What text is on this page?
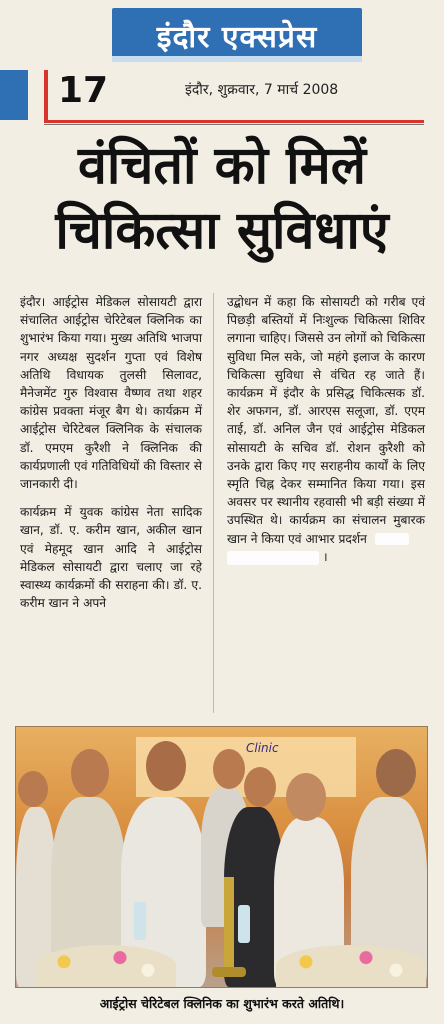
इंदौर एक्सप्रेस
17	इंदौर, शुक्रवार, 7 मार्च 2008
वंचितों को मिलें
चिकित्सा सुविधाएं

इंदौर। आईट्रोस मेडिकल सोसायटी द्वारा संचालित आईट्रोस चेरिटेबल क्लिनिक का शुभारंभ किया गया। मुख्य अतिथि भाजपा नगर अध्यक्ष सुदर्शन गुप्ता एवं विशेष अतिथि विधायक तुलसी सिलावट, मैनेजमेंट गुरु विश्वास वैष्णव तथा शहर कांग्रेस प्रवक्ता मंजूर बैग थे। कार्यक्रम में आईट्रोस चेरिटेबल क्लिनिक के संचालक डॉ. एमएम कुरैशी ने क्लिनिक की कार्यप्रणाली एवं गतिविधियों की विस्तार से जानकारी दी।

कार्यक्रम में युवक कांग्रेस नेता सादिक खान, डॉ. ए. करीम खान, अकील खान एवं मेहमूद खान आदि ने आईट्रोस मेडिकल सोसायटी द्वारा चलाए जा रहे स्वास्थ्य कार्यक्रमों की सराहना की। डॉ. ए. करीम खान ने अपने

उद्बोधन में कहा कि सोसायटी को गरीब एवं पिछड़ी बस्तियों में निःशुल्क चिकित्सा शिविर लगाना चाहिए। जिससे उन लोगों को चिकित्सा सुविधा मिल सके, जो महंगे इलाज के कारण चिकित्सा सुविधा से वंचित रह जाते हैं। कार्यक्रम में इंदौर के प्रसिद्ध चिकित्सक डॉ. शेर अफगन, डॉ. आरएस सलूजा, डॉ. एएम ताई, डॉ. अनिल जैन एवं आईट्रोस मेडिकल सोसायटी के सचिव डॉ. रोशन कुरैशी को उनके द्वारा किए गए सराहनीय कार्यों के लिए स्मृति चिह्न देकर सम्मानित किया गया। इस अवसर पर स्थानीय रहवासी भी बड़ी संख्या में उपस्थित थे। कार्यक्रम का संचालन मुबारक खान ने किया एवं आभार प्रदर्शन

।

Clinic
आईट्रोस चेरिटेबल क्लिनिक का शुभारंभ करते अतिथि।
